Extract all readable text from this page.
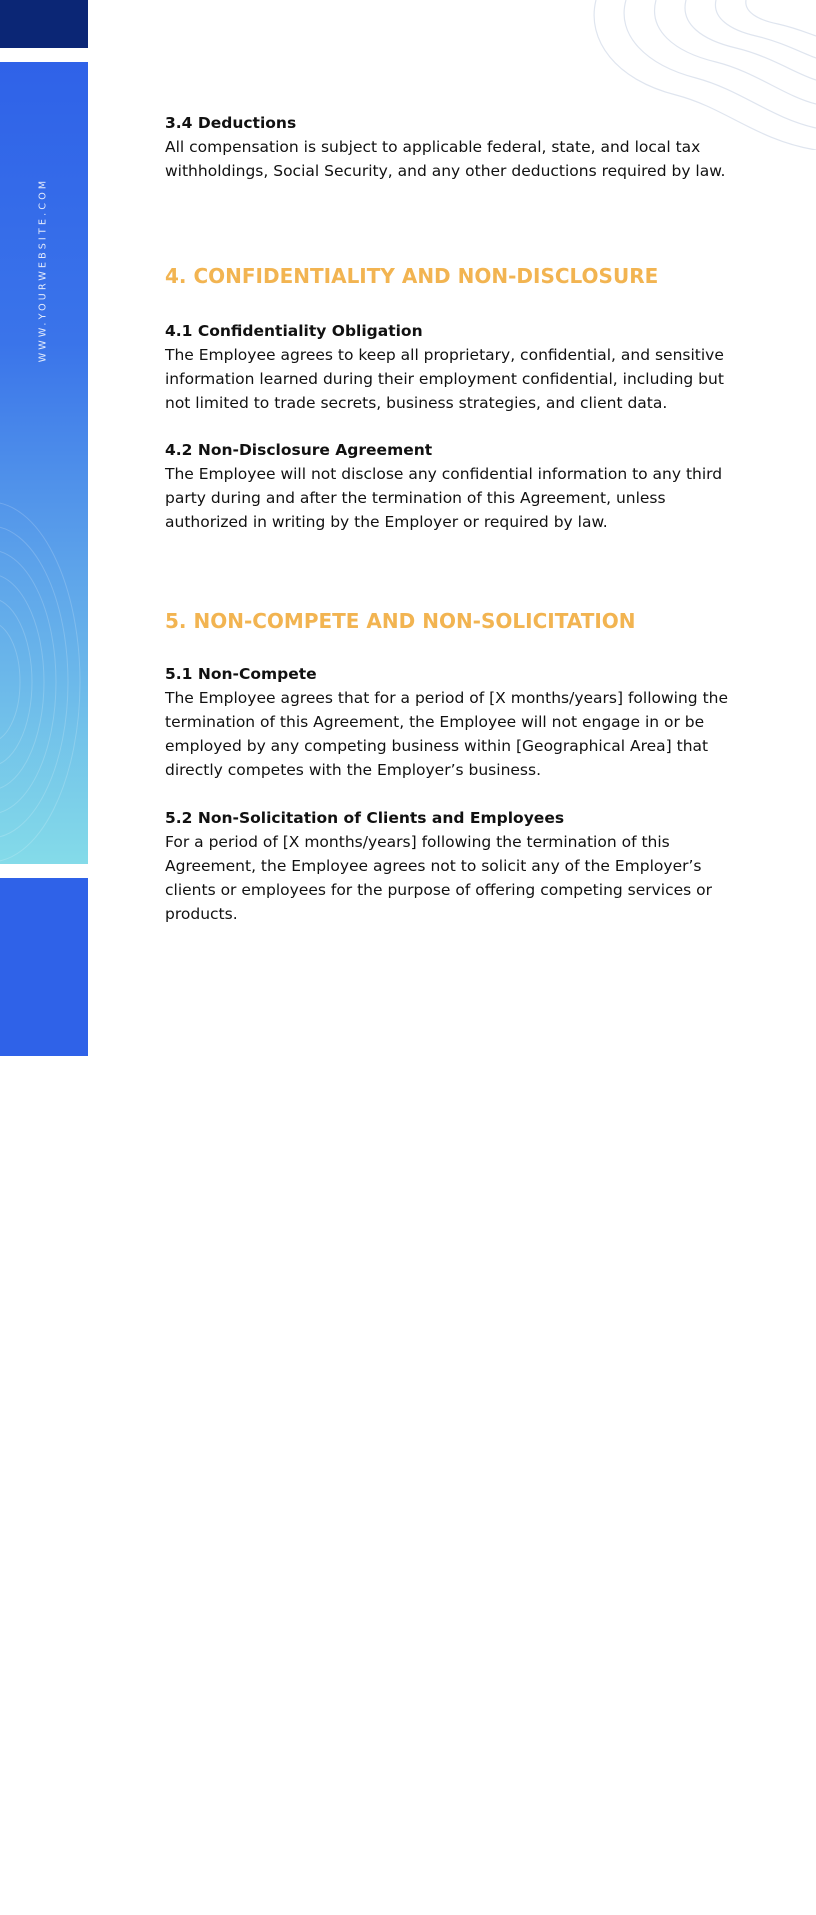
WWW.YOURWEBSITE.COM
Your
LOGO
®

3.4 Deductions

All compensation is subject to applicable federal, state, and local tax withholdings, Social Security, and any other deductions required by law.

4. CONFIDENTIALITY AND NON-DISCLOSURE

4.1 Confidentiality Obligation

The Employee agrees to keep all proprietary, confidential, and sensitive information learned during their employment confidential, including but not limited to trade secrets, business strategies, and client data.

4.2 Non-Disclosure Agreement

The Employee will not disclose any confidential information to any third party during and after the termination of this Agreement, unless authorized in writing by the Employer or required by law.

5. NON-COMPETE AND NON-SOLICITATION

5.1 Non-Compete

The Employee agrees that for a period of [X months/years] following the termination of this Agreement, the Employee will not engage in or be employed by any competing business within [Geographical Area] that directly competes with the Employer’s business.

5.2 Non-Solicitation of Clients and Employees

For a period of [X months/years] following the termination of this Agreement, the Employee agrees not to solicit any of the Employer’s clients or employees for the purpose of offering competing services or products.
